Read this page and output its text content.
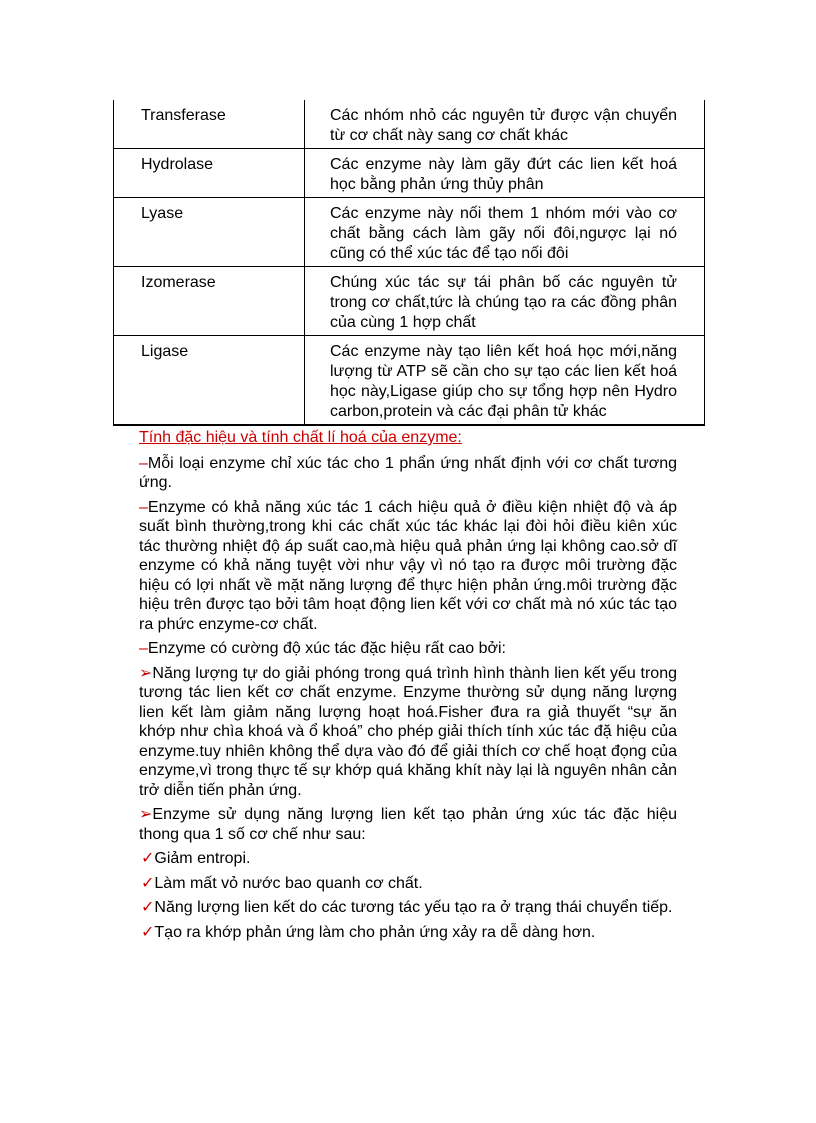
Transferase	Các nhóm nhỏ các nguyên tử được vận chuyển từ cơ chất này sang cơ chất khác
Hydrolase	Các enzyme này làm gãy đứt các lien kết hoá học bằng phản ứng thủy phân
Lyase	Các enzyme này nối them 1 nhóm mới vào cơ chất bằng cách làm gãy nối đôi,ngược lại nó cũng có thể xúc tác để tạo nối đôi
Izomerase	Chúng xúc tác sự tái phân bố các nguyên tử trong cơ chất,tức là chúng tạo ra các đồng phân của cùng 1 hợp chất
Ligase	Các enzyme này tạo liên kết hoá học mới,năng lượng từ ATP sẽ cần cho sự tạo các lien kết hoá học này,Ligase giúp cho sự tổng hợp nên Hydro carbon,protein và các đại phân tử khác

Tính đặc hiệu và tính chất lí hoá của enzyme:

–Mỗi loại enzyme chỉ xúc tác cho 1 phẩn ứng nhất định với cơ chất tương ứng.

–Enzyme có khả năng xúc tác 1 cách hiệu quả ở điều kiện nhiệt độ và áp suất bình thường,trong khi các chất xúc tác khác lại đòi hỏi điều kiên xúc tác thường nhiệt độ áp suất cao,mà hiệu quả phản ứng lại không cao.sở dĩ enzyme có khả năng tuyệt vời như vậy vì nó tạo ra được môi trường đặc hiệu có lợi nhất về mặt năng lượng để thực hiện phản ứng.môi trường đặc hiệu trên được tạo bởi tâm hoạt động lien kết với cơ chất mà nó xúc tác tạo ra phức enzyme-cơ chất.

–Enzyme có cường độ xúc tác đặc hiệu rất cao bởi:

➢Năng lượng tự do giải phóng trong quá trình hình thành lien kết yếu trong tương tác lien kết cơ chất enzyme. Enzyme thường sử dụng năng lượng lien kết làm giảm năng lượng hoạt hoá.Fisher đưa ra giả thuyết “sự ăn khớp như chìa khoá và ổ khoá” cho phép giải thích tính xúc tác đặ hiệu của enzyme.tuy nhiên không thể dựa vào đó để giải thích cơ chế hoạt đọng của enzyme,vì trong thực tế sự khớp quá khăng khít này lại là nguyên nhân cản trở diễn tiến phản ứng.

➢Enzyme sử dụng năng lượng lien kết tạo phản ứng xúc tác đặc hiệu thong qua 1 số cơ chế như sau:

✓Giảm entropi.

✓Làm mất vỏ nước bao quanh cơ chất.

✓Năng lượng lien kết do các tương tác yếu tạo ra ở trạng thái chuyển tiếp.

✓Tạo ra khớp phản ứng làm cho phản ứng xảy ra dễ dàng hơn.
